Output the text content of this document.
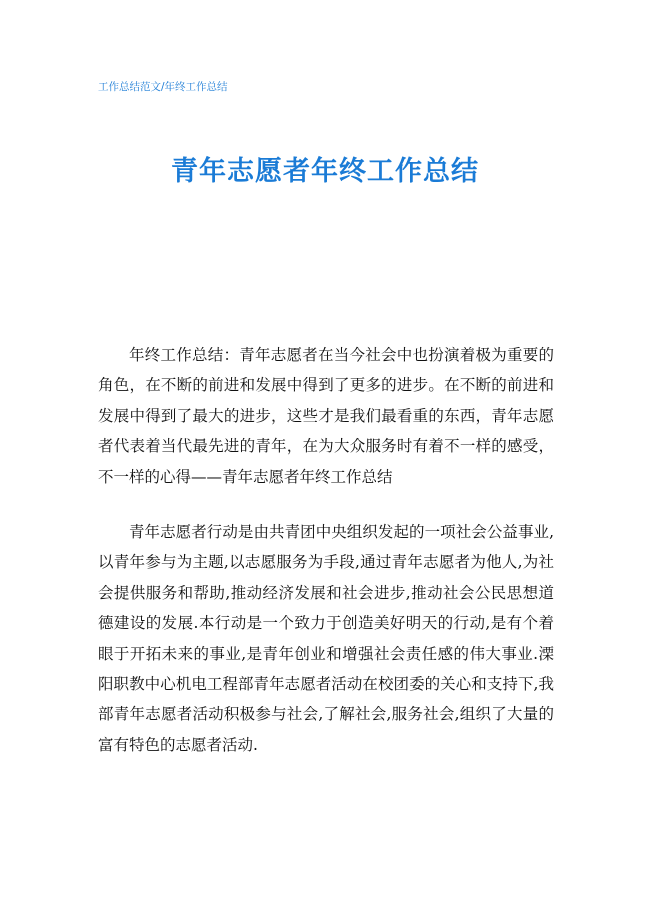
工作总结范文/年终工作总结
青年志愿者年终工作总结

年终工作总结：青年志愿者在当今社会中也扮演着极为重要的角色，在不断的前进和发展中得到了更多的进步。在不断的前进和发展中得到了最大的进步，这些才是我们最看重的东西，青年志愿者代表着当代最先进的青年，在为大众服务时有着不一样的感受，不一样的心得——青年志愿者年终工作总结

青年志愿者行动是由共青团中央组织发起的一项社会公益事业,以青年参与为主题,以志愿服务为手段,通过青年志愿者为他人,为社会提供服务和帮助,推动经济发展和社会进步,推动社会公民思想道德建设的发展.本行动是一个致力于创造美好明天的行动,是有个着眼于开拓未来的事业,是青年创业和增强社会责任感的伟大事业.溧阳职教中心机电工程部青年志愿者活动在校团委的关心和支持下,我部青年志愿者活动积极参与社会,了解社会,服务社会,组织了大量的富有特色的志愿者活动.
